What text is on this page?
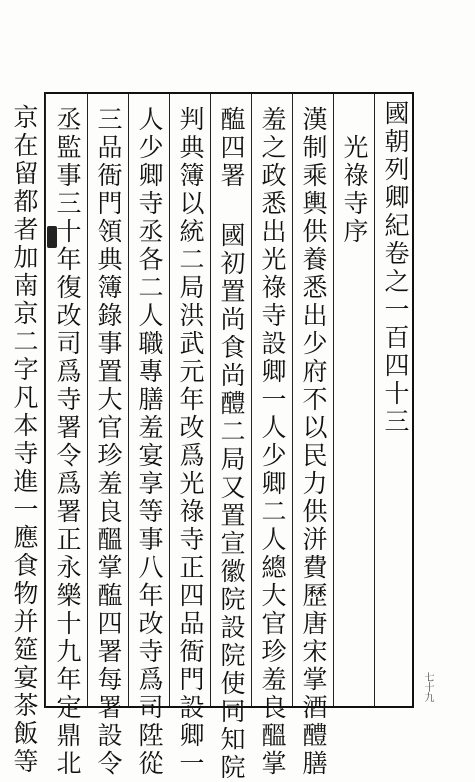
國朝列卿紀卷之一百四十三
光祿寺序
漢制乘輿供養悉出少府不以民力供洴費歷唐宋掌酒醴膳
羞之政悉出光祿寺設卿一人少卿二人總大官珍羞良醞掌
醢四署 國初置尚食尚醴二局又置宣徽院設院使同知院
判典簿以統二局洪武元年改爲光祿寺正四品衙門設卿一
人少卿寺丞各二人職專膳羞宴享等事八年改寺爲司陞從
三品衙門領典簿錄事置大官珍羞良醞掌醢四署每署設令
丞監事三十年復改司爲寺署令爲署正永樂十九年定鼎北
京在留都者加南京二字凡本寺進一應食物并筵宴茶飯等	七十九
